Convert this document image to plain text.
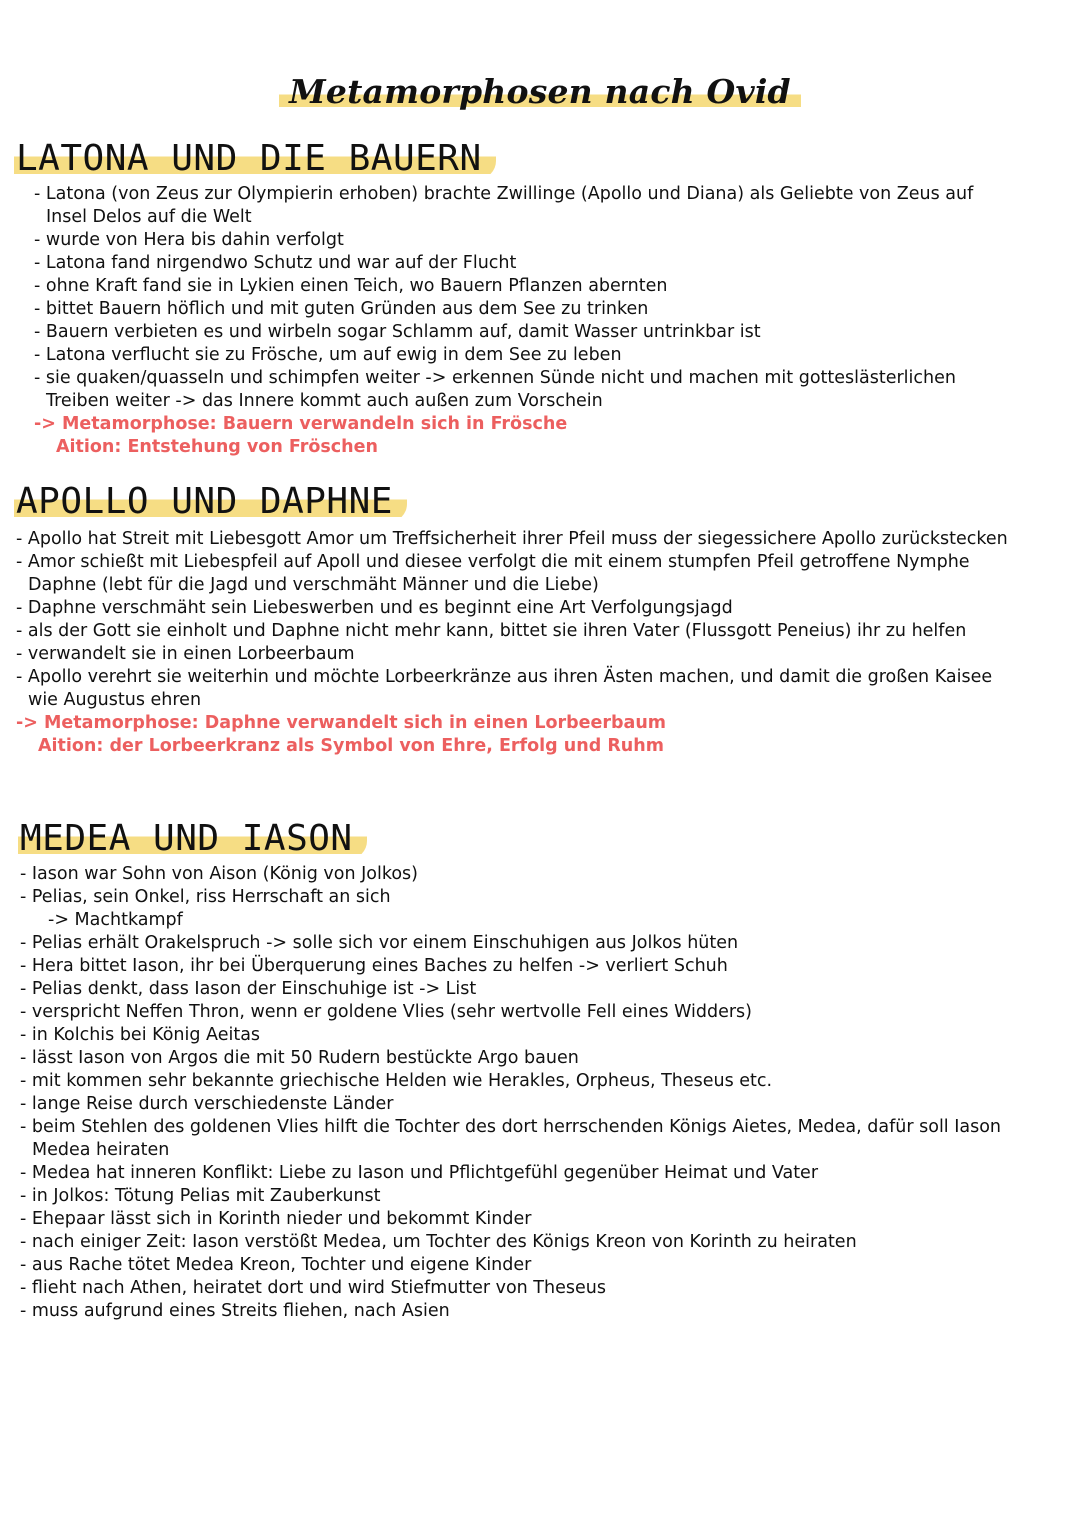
Metamorphosen nach Ovid
LATONA UND DIE BAUERN
- Latona (von Zeus zur Olympierin erhoben) brachte Zwillinge (Apollo und Diana) als Geliebte von Zeus auf
Insel Delos auf die Welt
- wurde von Hera bis dahin verfolgt
- Latona fand nirgendwo Schutz und war auf der Flucht
- ohne Kraft fand sie in Lykien einen Teich, wo Bauern Pflanzen abernten
- bittet Bauern höflich und mit guten Gründen aus dem See zu trinken
- Bauern verbieten es und wirbeln sogar Schlamm auf, damit Wasser untrinkbar ist
- Latona verflucht sie zu Frösche, um auf ewig in dem See zu leben
- sie quaken/quasseln und schimpfen weiter -> erkennen Sünde nicht und machen mit gotteslästerlichen
Treiben weiter -> das Innere kommt auch außen zum Vorschein
-> Metamorphose: Bauern verwandeln sich in Frösche
Aition: Entstehung von Fröschen
APOLLO UND DAPHNE
- Apollo hat Streit mit Liebesgott Amor um Treffsicherheit ihrer Pfeil muss der siegessichere Apollo zurückstecken
- Amor schießt mit Liebespfeil auf Apoll und diesee verfolgt die mit einem stumpfen Pfeil getroffene Nymphe
Daphne (lebt für die Jagd und verschmäht Männer und die Liebe)
- Daphne verschmäht sein Liebeswerben und es beginnt eine Art Verfolgungsjagd
- als der Gott sie einholt und Daphne nicht mehr kann, bittet sie ihren Vater (Flussgott Peneius) ihr zu helfen
- verwandelt sie in einen Lorbeerbaum
- Apollo verehrt sie weiterhin und möchte Lorbeerkränze aus ihren Ästen machen, und damit die großen Kaisee
wie Augustus ehren
-> Metamorphose: Daphne verwandelt sich in einen Lorbeerbaum
Aition: der Lorbeerkranz als Symbol von Ehre, Erfolg und Ruhm
MEDEA UND IASON
- Iason war Sohn von Aison (König von Jolkos)
- Pelias, sein Onkel, riss Herrschaft an sich
-> Machtkampf
- Pelias erhält Orakelspruch -> solle sich vor einem Einschuhigen aus Jolkos hüten
- Hera bittet Iason, ihr bei Überquerung eines Baches zu helfen -> verliert Schuh
- Pelias denkt, dass Iason der Einschuhige ist -> List
- verspricht Neffen Thron, wenn er goldene Vlies (sehr wertvolle Fell eines Widders)
- in Kolchis bei König Aeitas
- lässt Iason von Argos die mit 50 Rudern bestückte Argo bauen
- mit kommen sehr bekannte griechische Helden wie Herakles, Orpheus, Theseus etc.
- lange Reise durch verschiedenste Länder
- beim Stehlen des goldenen Vlies hilft die Tochter des dort herrschenden Königs Aietes, Medea, dafür soll Iason
Medea heiraten
- Medea hat inneren Konflikt: Liebe zu Iason und Pflichtgefühl gegenüber Heimat und Vater
- in Jolkos: Tötung Pelias mit Zauberkunst
- Ehepaar lässt sich in Korinth nieder und bekommt Kinder
- nach einiger Zeit: Iason verstößt Medea, um Tochter des Königs Kreon von Korinth zu heiraten
- aus Rache tötet Medea Kreon, Tochter und eigene Kinder
- flieht nach Athen, heiratet dort und wird Stiefmutter von Theseus
- muss aufgrund eines Streits fliehen, nach Asien
